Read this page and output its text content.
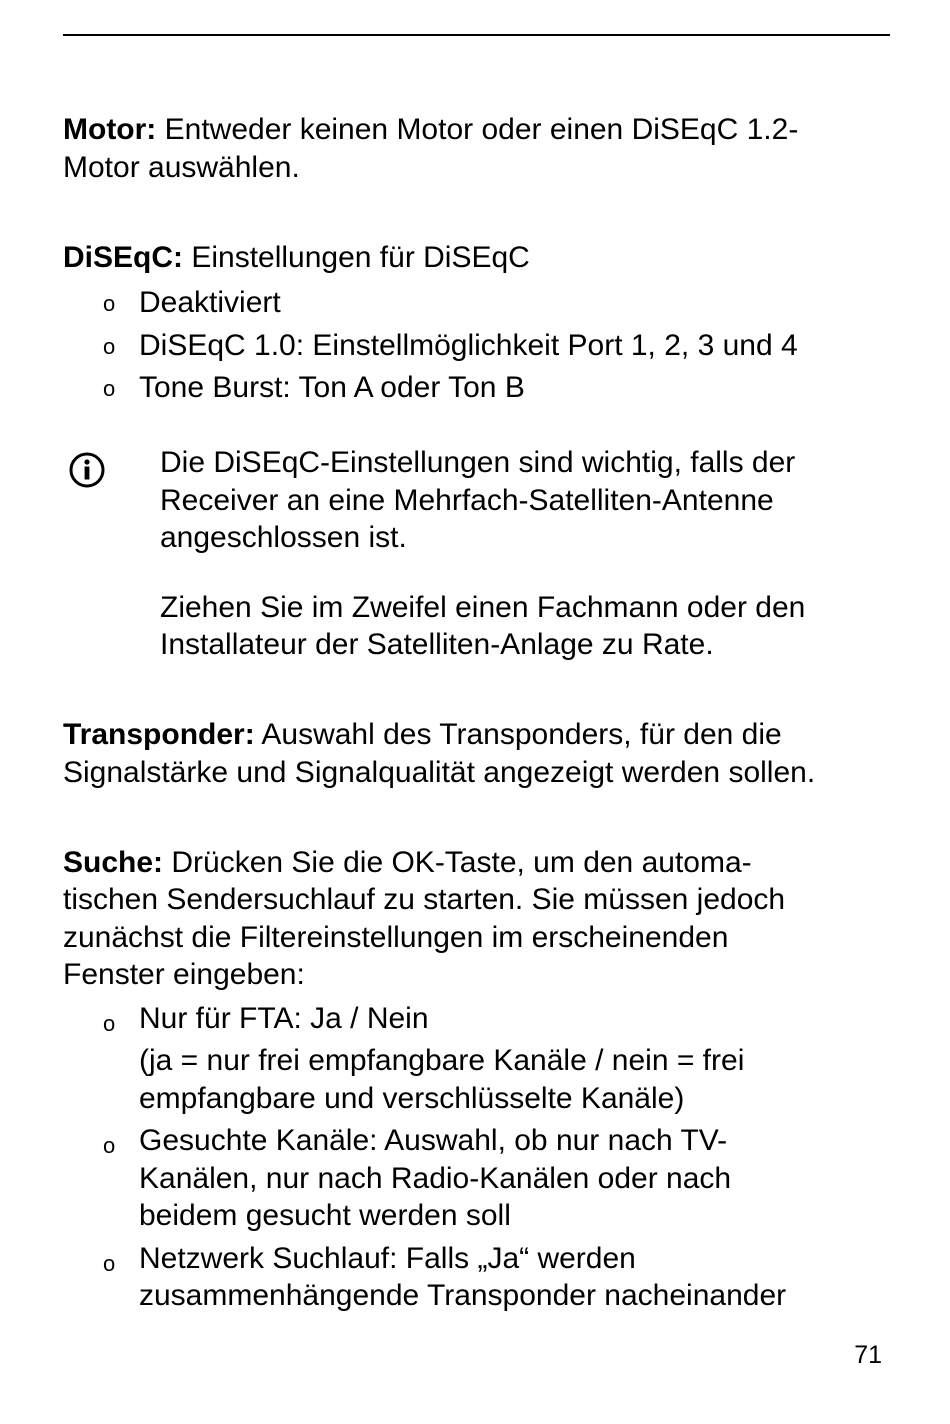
Motor: Entweder keinen Motor oder einen DiSEqC 1.2-
Motor auswählen.
DiSEqC: Einstellungen für DiSEqC
o Deaktiviert
o DiSEqC 1.0: Einstellmöglichkeit Port 1, 2, 3 und 4
o Tone Burst: Ton A oder Ton B
Die DiSEqC-Einstellungen sind wichtig, falls der
Receiver an eine Mehrfach-Satelliten-Antenne
angeschlossen ist.
Ziehen Sie im Zweifel einen Fachmann oder den
Installateur der Satelliten-Anlage zu Rate.
Transponder: Auswahl des Transponders, für den die
Signalstärke und Signalqualität angezeigt werden sollen.
Suche: Drücken Sie die OK-Taste, um den automa-
tischen Sendersuchlauf zu starten. Sie müssen jedoch
zunächst die Filtereinstellungen im erscheinenden
Fenster eingeben:
o Nur für FTA: Ja / Nein
(ja = nur frei empfangbare Kanäle / nein = frei
empfangbare und verschlüsselte Kanäle)
o Gesuchte Kanäle: Auswahl, ob nur nach TV-
Kanälen, nur nach Radio-Kanälen oder nach
beidem gesucht werden soll
o Netzwerk Suchlauf: Falls „Ja“ werden
zusammenhängende Transponder nacheinander
71
